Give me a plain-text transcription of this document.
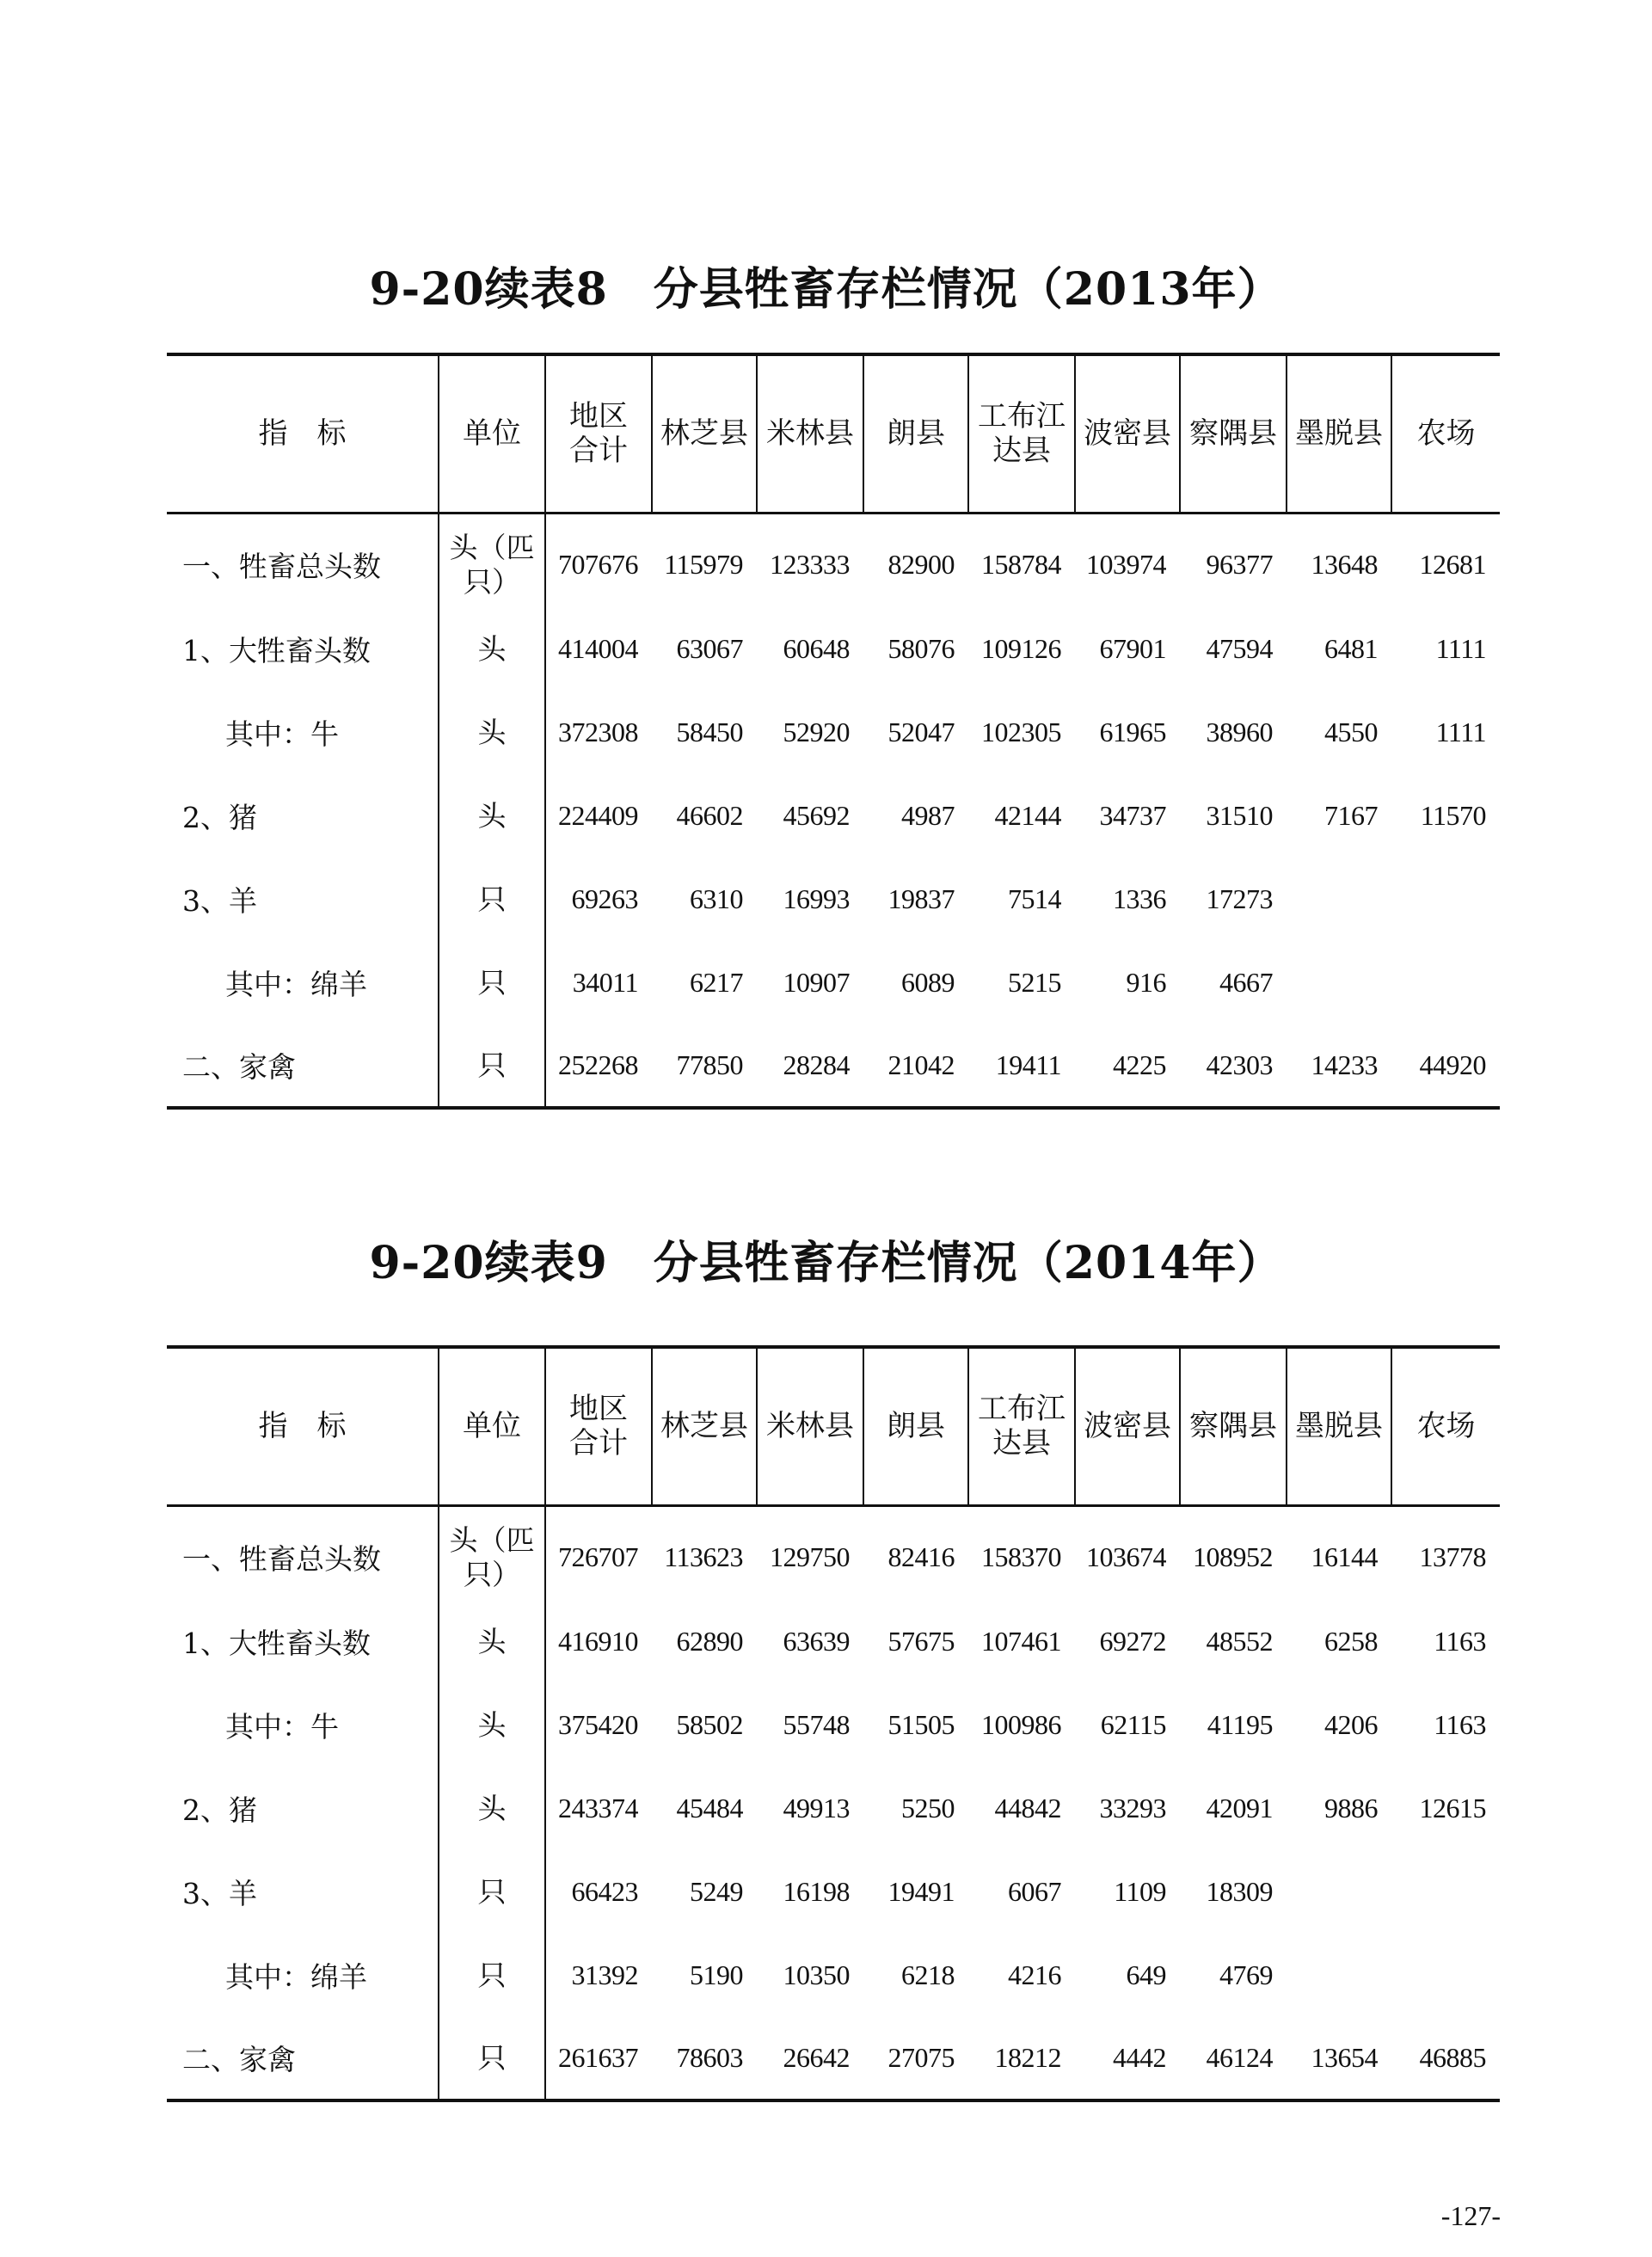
9-20续表8　分县牲畜存栏情况（2013年）
指　标	单位	地区
合计	林芝县	米林县	朗县	工布江
达县	波密县	察隅县	墨脱县	农场
一、牲畜总头数	头（匹
只）	707676	115979	123333	82900	158784	103974	96377	13648	12681
1、大牲畜头数	头	414004	63067	60648	58076	109126	67901	47594	6481	1111
其中：牛	头	372308	58450	52920	52047	102305	61965	38960	4550	1111
2、猪	头	224409	46602	45692	4987	42144	34737	31510	7167	11570
3、羊	只	69263	6310	16993	19837	7514	1336	17273		
其中：绵羊	只	34011	6217	10907	6089	5215	916	4667		
二、家禽	只	252268	77850	28284	21042	19411	4225	42303	14233	44920
9-20续表9　分县牲畜存栏情况（2014年）
指　标	单位	地区
合计	林芝县	米林县	朗县	工布江
达县	波密县	察隅县	墨脱县	农场
一、牲畜总头数	头（匹
只）	726707	113623	129750	82416	158370	103674	108952	16144	13778
1、大牲畜头数	头	416910	62890	63639	57675	107461	69272	48552	6258	1163
其中：牛	头	375420	58502	55748	51505	100986	62115	41195	4206	1163
2、猪	头	243374	45484	49913	5250	44842	33293	42091	9886	12615
3、羊	只	66423	5249	16198	19491	6067	1109	18309		
其中：绵羊	只	31392	5190	10350	6218	4216	649	4769		
二、家禽	只	261637	78603	26642	27075	18212	4442	46124	13654	46885
-127-
